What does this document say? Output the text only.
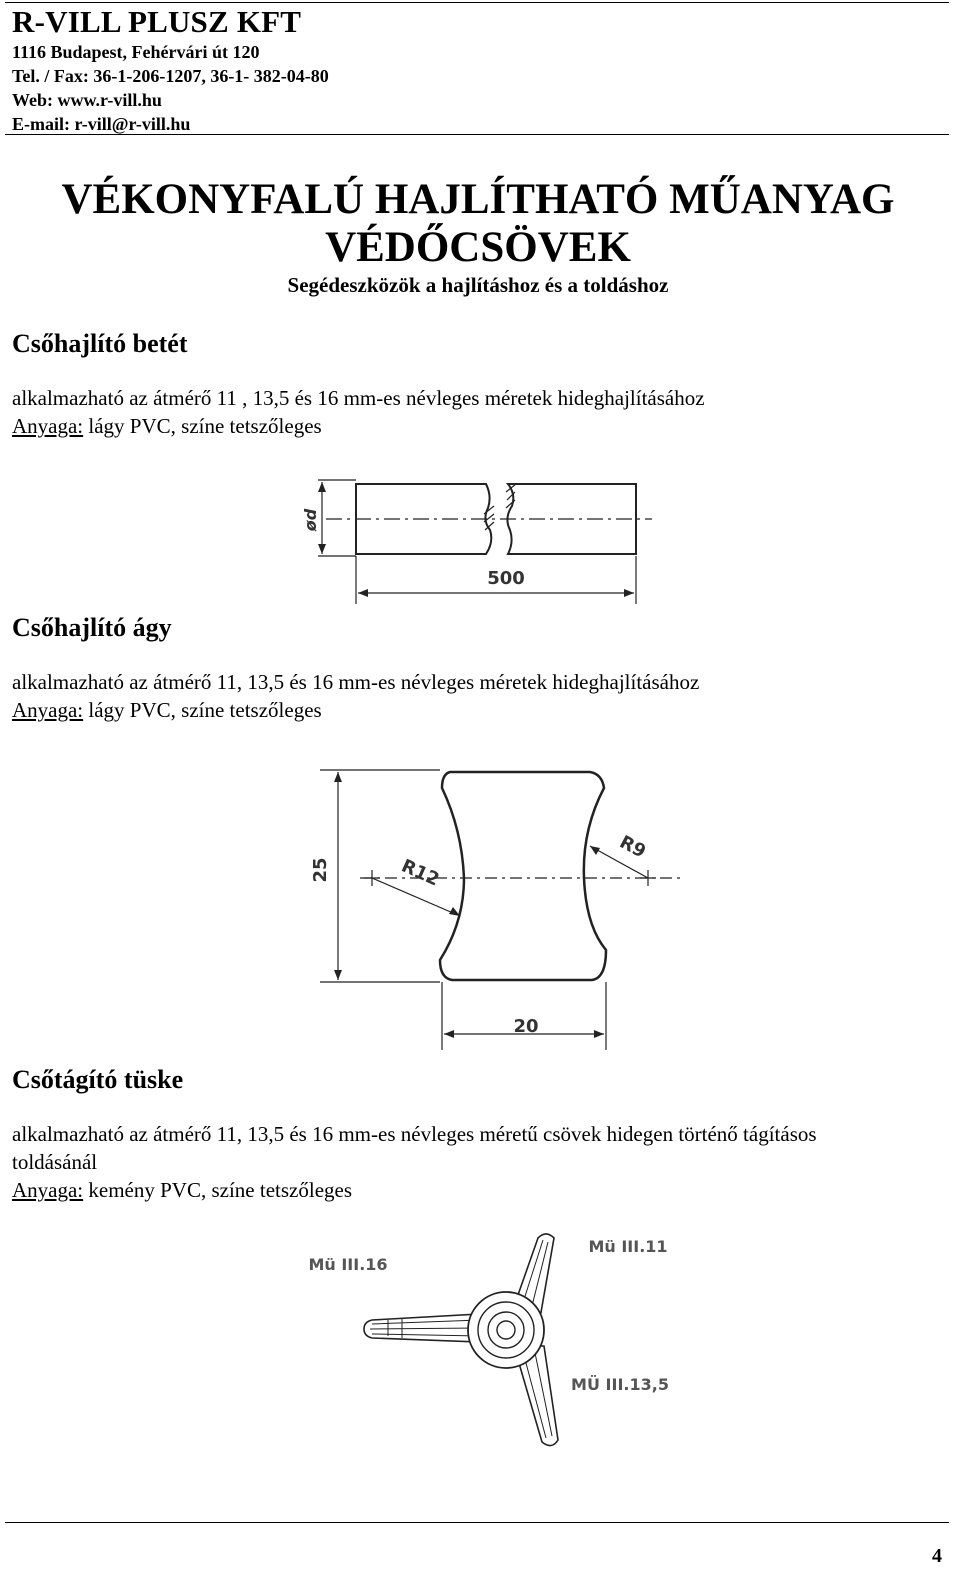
R-VILL PLUSZ KFT
1116 Budapest, Fehérvári út 120
Tel. / Fax: 36-1-206-1207, 36-1- 382-04-80
Web: www.r-vill.hu
E-mail: r-vill@r-vill.hu
VÉKONYFALÚ HAJLÍTHATÓ MŰANYAG
VÉDŐCSÖVEK
Segédeszközök a hajlításhoz és a toldáshoz
Csőhajlító betét
alkalmazható az átmérő 11 , 13,5 és 16 mm-es névleges méretek hideghajlításához
Anyaga: lágy PVC, színe tetszőleges
ød
500
Csőhajlító ágy
alkalmazható az átmérő 11, 13,5 és 16 mm-es névleges méretek hideghajlításához
Anyaga: lágy PVC, színe tetszőleges
25
20
R12
R9
Csőtágító tüske
alkalmazható az átmérő 11, 13,5 és 16 mm-es névleges méretű csövek hidegen történő tágításos
toldásánál
Anyaga: kemény PVC, színe tetszőleges
Mü III.16
Mü III.11
MÜ III.13,5
4
